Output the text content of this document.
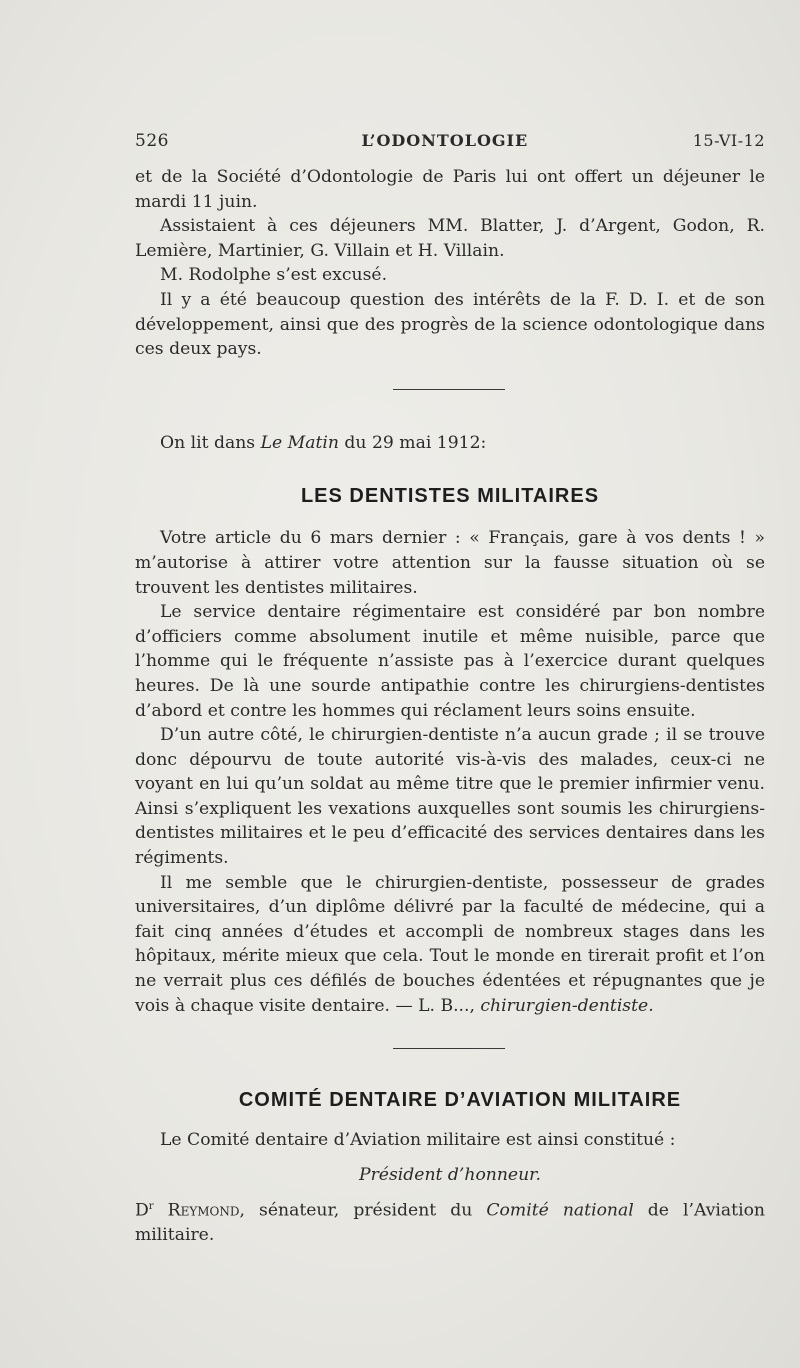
526	L’ODONTOLOGIE	15-VI-12

et de la Société d’Odontologie de Paris lui ont offert un déjeuner le mardi 11 juin.

Assistaient à ces déjeuners MM. Blatter, J. d’Argent, Godon, R. Lemière, Martinier, G. Villain et H. Villain.

M. Rodolphe s’est excusé.

Il y a été beaucoup question des intérêts de la F. D. I. et de son développement, ainsi que des progrès de la science odontologique dans ces deux pays.

On lit dans Le Matin du 29 mai 1912:

LES DENTISTES MILITAIRES

Votre article du 6 mars dernier : « Français, gare à vos dents ! » m’autorise à attirer votre attention sur la fausse situation où se trouvent les dentistes militaires.

Le service dentaire régimentaire est considéré par bon nombre d’officiers comme absolument inutile et même nuisible, parce que l’homme qui le fréquente n’assiste pas à l’exercice durant quelques heures. De là une sourde antipathie contre les chirurgiens-dentistes d’abord et contre les hommes qui réclament leurs soins ensuite.

D’un autre côté, le chirurgien-dentiste n’a aucun grade ; il se trouve donc dépourvu de toute autorité vis-à-vis des malades, ceux-ci ne voyant en lui qu’un soldat au même titre que le premier infirmier venu. Ainsi s’expliquent les vexations auxquelles sont soumis les chirurgiens-dentistes militaires et le peu d’efficacité des services dentaires dans les régiments.

Il me semble que le chirurgien-dentiste, possesseur de grades universitaires, d’un diplôme délivré par la faculté de médecine, qui a fait cinq années d’études et accompli de nombreux stages dans les hôpitaux, mérite mieux que cela. Tout le monde en tirerait profit et l’on ne verrait plus ces défilés de bouches édentées et répugnantes que je vois à chaque visite dentaire. — L. B..., chirurgien-dentiste.

COMITÉ DENTAIRE D’AVIATION MILITAIRE

Le Comité dentaire d’Aviation militaire est ainsi constitué :

Président d’honneur.

$D^r$ Reymond, sénateur, président du Comité national de l’Aviation militaire.
